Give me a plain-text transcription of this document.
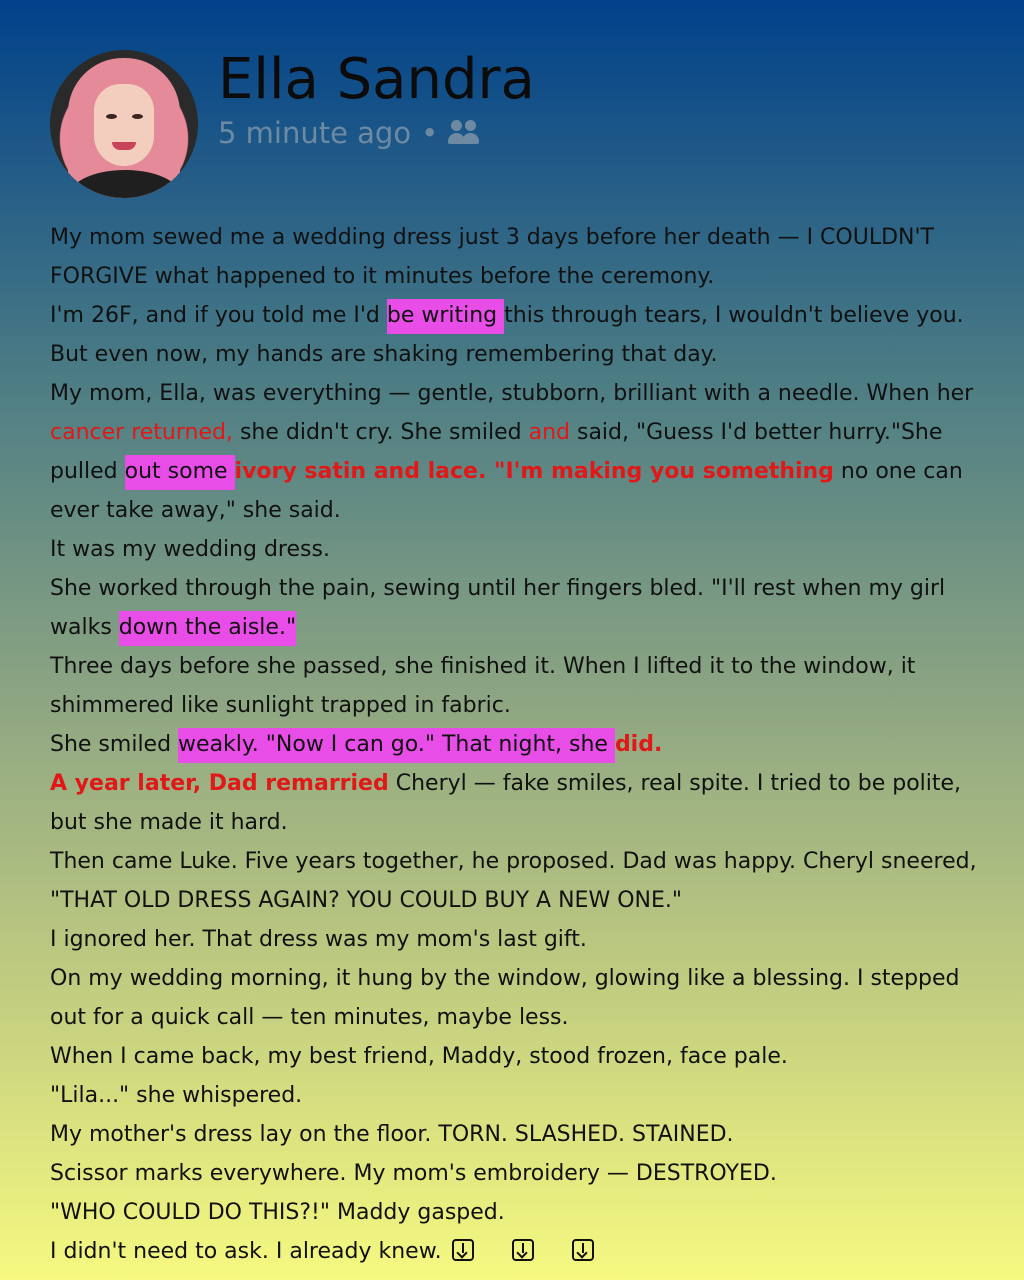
Ella Sandra
5 minute ago •

My mom sewed me a wedding dress just 3 days before her death — I COULDN'T FORGIVE what happened to it minutes before the ceremony.

I'm 26F, and if you told me I'd be writing this through tears, I wouldn't believe you.

But even now, my hands are shaking remembering that day.

My mom, Ella, was everything — gentle, stubborn, brilliant with a needle. When her cancer returned, she didn't cry. She smiled and said, "Guess I'd better hurry."She pulled out some ivory satin and lace. "I'm making you something no one can ever take away," she said.

It was my wedding dress.

She worked through the pain, sewing until her fingers bled. "I'll rest when my girl walks down the aisle."

Three days before she passed, she finished it. When I lifted it to the window, it shimmered like sunlight trapped in fabric.

She smiled weakly. "Now I can go." That night, she did.

A year later, Dad remarried Cheryl — fake smiles, real spite. I tried to be polite, but she made it hard.

Then came Luke. Five years together, he proposed. Dad was happy. Cheryl sneered, "THAT OLD DRESS AGAIN? YOU COULD BUY A NEW ONE."

I ignored her. That dress was my mom's last gift.

On my wedding morning, it hung by the window, glowing like a blessing. I stepped out for a quick call — ten minutes, maybe less.

When I came back, my best friend, Maddy, stood frozen, face pale.

"Lila..." she whispered.

My mother's dress lay on the floor. TORN. SLASHED. STAINED.

Scissor marks everywhere. My mom's embroidery — DESTROYED.

"WHO COULD DO THIS?!" Maddy gasped.

I didn't need to ask. I already knew.
